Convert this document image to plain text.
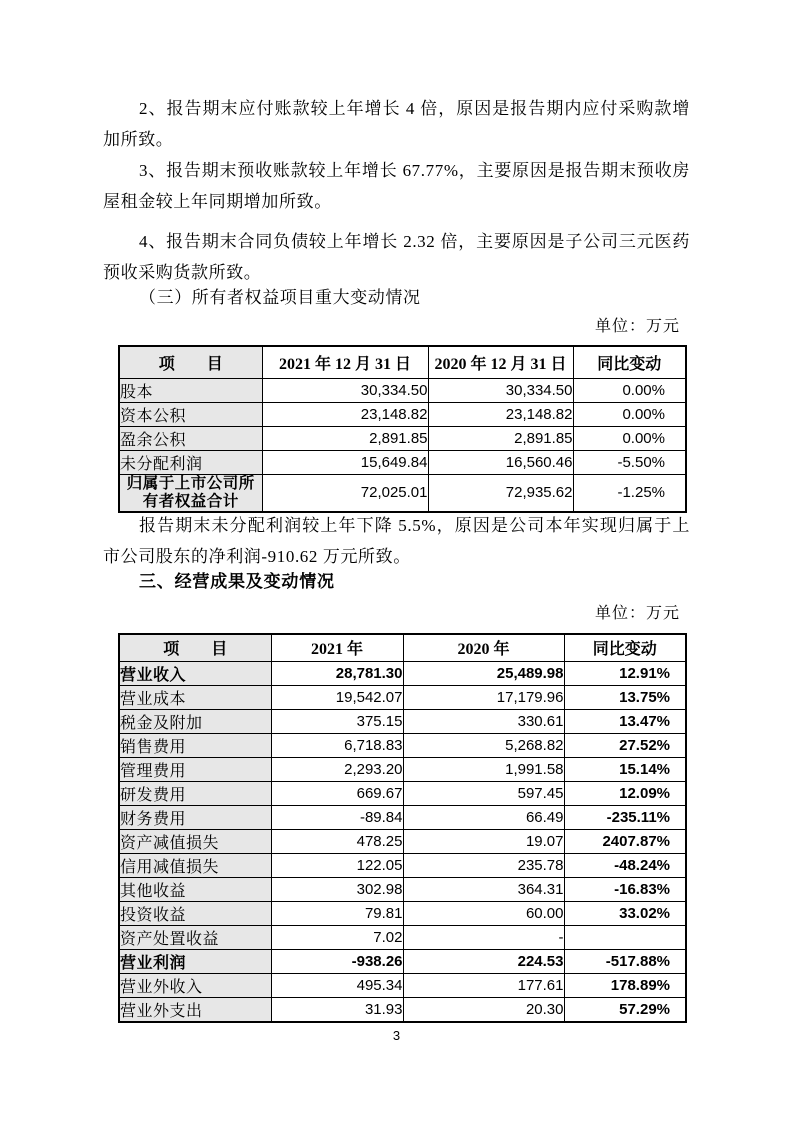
2、报告期末应付账款较上年增长 4 倍，原因是报告期内应付采购款增加所致。

3、报告期末预收账款较上年增长 67.77%，主要原因是报告期末预收房屋租金较上年同期增加所致。

4、报告期末合同负债较上年增长 2.32 倍，主要原因是子公司三元医药预收采购货款所致。

（三）所有者权益项目重大变动情况

单位：万元

项　　目	2021 年 12 月 31 日	2020 年 12 月 31 日	同比变动
股本	30,334.50	30,334.50	0.00%
资本公积	23,148.82	23,148.82	0.00%
盈余公积	2,891.85	2,891.85	0.00%
未分配利润	15,649.84	16,560.46	-5.50%
归属于上市公司所有者权益合计	72,025.01	72,935.62	-1.25%

报告期末未分配利润较上年下降 5.5%，原因是公司本年实现归属于上市公司股东的净利润-910.62 万元所致。

三、经营成果及变动情况

单位：万元

项　　目	2021 年	2020 年	同比变动
营业收入	28,781.30	25,489.98	12.91%
营业成本	19,542.07	17,179.96	13.75%
税金及附加	375.15	330.61	13.47%
销售费用	6,718.83	5,268.82	27.52%
管理费用	2,293.20	1,991.58	15.14%
研发费用	669.67	597.45	12.09%
财务费用	-89.84	66.49	-235.11%
资产减值损失	478.25	19.07	2407.87%
信用减值损失	122.05	235.78	-48.24%
其他收益	302.98	364.31	-16.83%
投资收益	79.81	60.00	33.02%
资产处置收益	7.02	-	
营业利润	-938.26	224.53	-517.88%
营业外收入	495.34	177.61	178.89%
营业外支出	31.93	20.30	57.29%
3
